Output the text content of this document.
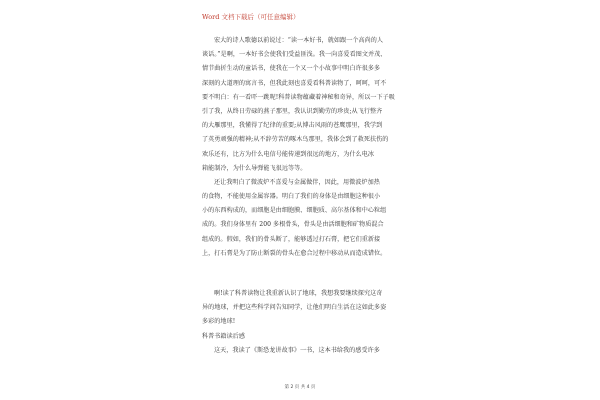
Word 文档下载后（可任意编辑）
宏大的诗人歌德以前说过：“读一本好书，就如跟一个高尚的人
谈话。”是啊，一本好书会使我们受益匪浅。我一向喜爱看图文并茂、
情节曲折生动的童话书，使我在一个又一个小故事中明白许很多多
深刻的大道理的寓言书，但我此刻也喜爱看科普读物了，呵呵，可不
要不明白：有一看吓一跳呢!科普读物蕴藏着神秘和奇异，所以一下子吸
引了我，从终日劳碌的燕子那里，我认识到勤劳的珍贵;从飞行整齐
的大雁那里，我懂得了纪律的重要;从博击风雨的苍鹰那里，我学到
了英勇顽强的精神;从不辞劳苦的啄木鸟那里，我体会到了救死扶伤的
欢乐还有，比方为什么电信号能传递到很远的地方，为什么电冰
箱能制冷，为什么导弹能飞很远等等。
还让我明白了微波炉不喜爱与金属做伴，因此，用微波炉加热
的食物，不能使用金属容器。明白了我们的身体是由细胞这种很小
小的东西构成的，而细胞是由细胞膜、细胞质、高尔基体和中心粒组
成的。我们身体里有 200 多根骨头，骨头是由活细胞和矿物质混合
组成的。假如，我们的骨头断了，能够透过打石膏，把它们重新接
上，打石膏是为了防止断裂的骨头在愈合过程中移动从而造成错位。
啊!读了科普读物让我重新认识了地球，我想我要继续探究这奇
异的地球，并把这些科学问告知同学，让他们明白生活在这如此多姿
多彩的地球!
科普书籍读后感
这天，我读了《斯恐龙讲故事》一书，这本书给我的感受许多
第 2 页 共 4 页
